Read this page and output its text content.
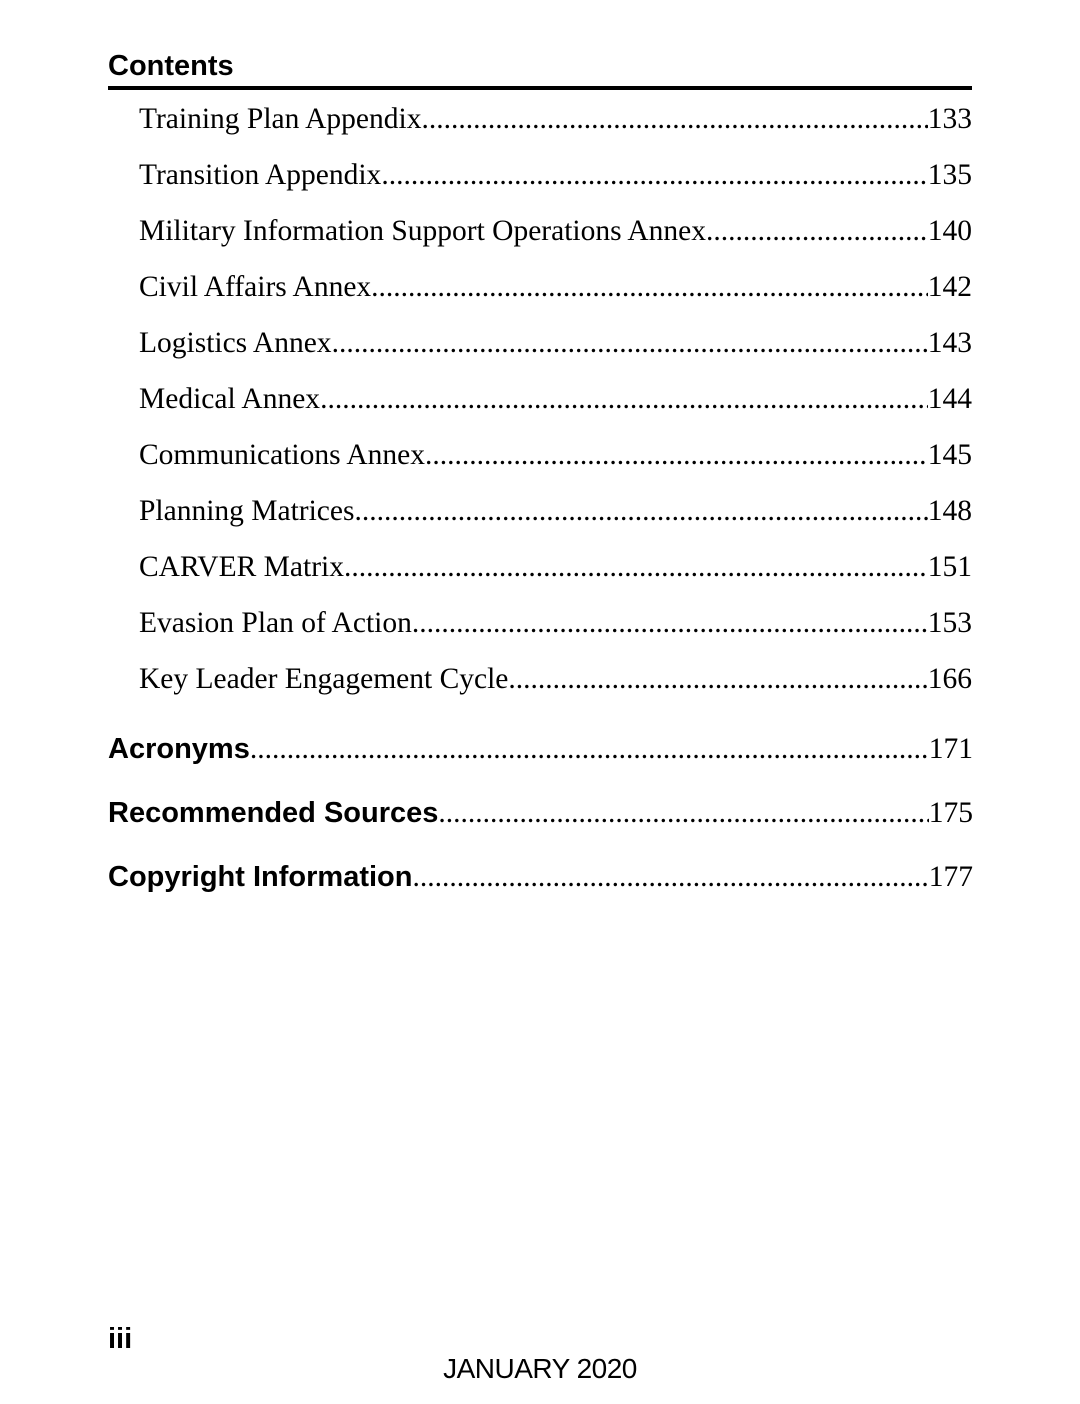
Contents
Training Plan Appendix .....	133
Transition Appendix .....	135
Military Information Support Operations Annex .....	140
Civil Affairs Annex .....	142
Logistics Annex .....	143
Medical Annex .....	144
Communications Annex .....	145
Planning Matrices .....	148
CARVER Matrix .....	151
Evasion Plan of Action .....	153
Key Leader Engagement Cycle .....	166
Acronyms .....	171
Recommended Sources .....	175
Copyright Information .....	177
iii
JANUARY 2020
